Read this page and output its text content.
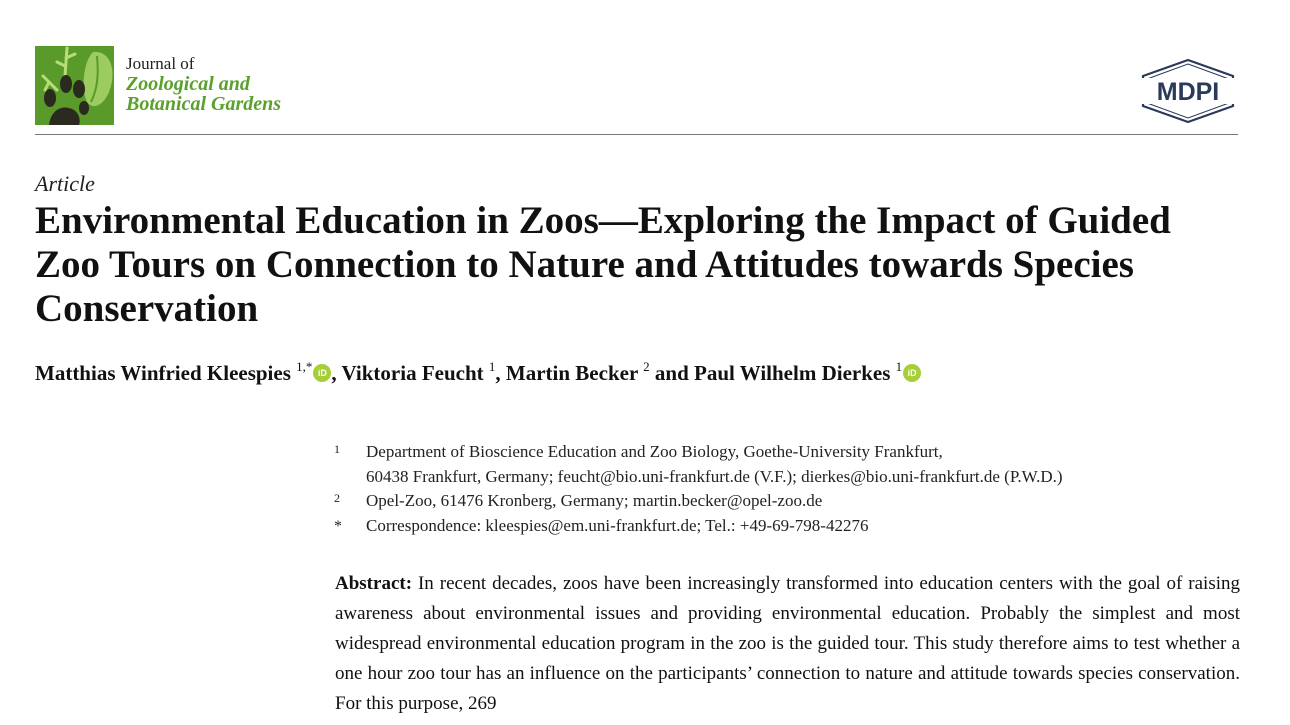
Journal of
Zoological and
Botanical Gardens	MDPI
Article
Environmental Education in Zoos—Exploring the Impact of Guided Zoo Tours on Connection to Nature and Attitudes towards Species Conservation
Matthias Winfried Kleespies $^{1,*}$ iD , Viktoria Feucht $^1$, Martin Becker $^2$ and Paul Wilhelm Dierkes $^1$ iD
1	Department of Bioscience Education and Zoo Biology, Goethe-University Frankfurt,
60438 Frankfurt, Germany; feucht@bio.uni-frankfurt.de (V.F.); dierkes@bio.uni-frankfurt.de (P.W.D.)
2	Opel-Zoo, 61476 Kronberg, Germany; martin.becker@opel-zoo.de
*	Correspondence: kleespies@em.uni-frankfurt.de; Tel.: +49-69-798-42276
Abstract: In recent decades, zoos have been increasingly transformed into education centers with the goal of raising awareness about environmental issues and providing environmental education. Probably the simplest and most widespread environmental education program in the zoo is the guided tour. This study therefore aims to test whether a one hour zoo tour has an influence on the participants’ connection to nature and attitude towards species conservation. For this purpose, 269
